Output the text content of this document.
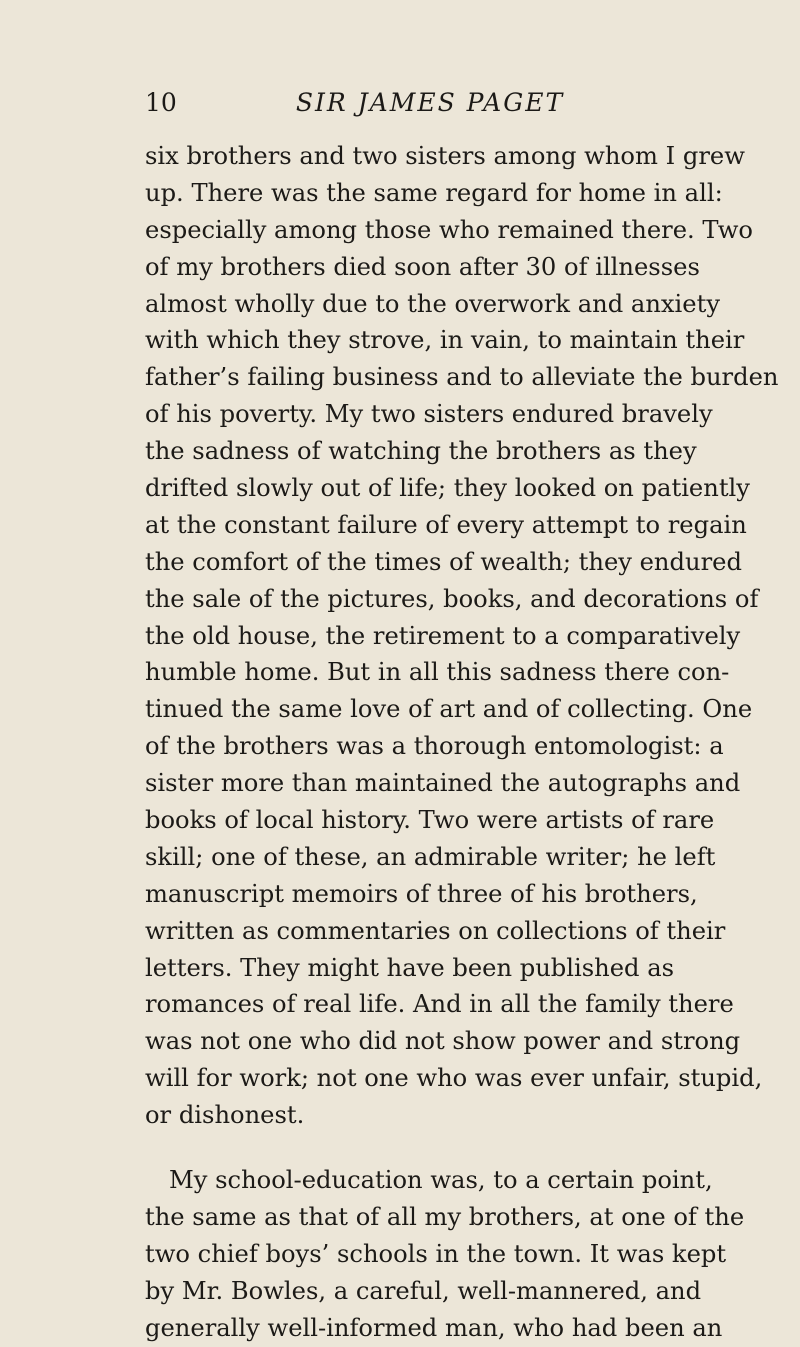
10	SIR JAMES PAGET
six brothers and two sisters among whom I grew
up. There was the same regard for home in all:
especially among those who remained there. Two
of my brothers died soon after 30 of illnesses
almost wholly due to the overwork and anxiety
with which they strove, in vain, to maintain their
father’s failing business and to alleviate the burden
of his poverty. My two sisters endured bravely
the sadness of watching the brothers as they
drifted slowly out of life; they looked on patiently
at the constant failure of every attempt to regain
the comfort of the times of wealth; they endured
the sale of the pictures, books, and decorations of
the old house, the retirement to a comparatively
humble home. But in all this sadness there con-
tinued the same love of art and of collecting. One
of the brothers was a thorough entomologist: a
sister more than maintained the autographs and
books of local history. Two were artists of rare
skill; one of these, an admirable writer; he left
manuscript memoirs of three of his brothers,
written as commentaries on collections of their
letters. They might have been published as
romances of real life. And in all the family there
was not one who did not show power and strong
will for work; not one who was ever unfair, stupid,
or dishonest.
My school-education was, to a certain point,
the same as that of all my brothers, at one of the
two chief boys’ schools in the town. It was kept
by Mr. Bowles, a careful, well-mannered, and
generally well-informed man, who had been an
